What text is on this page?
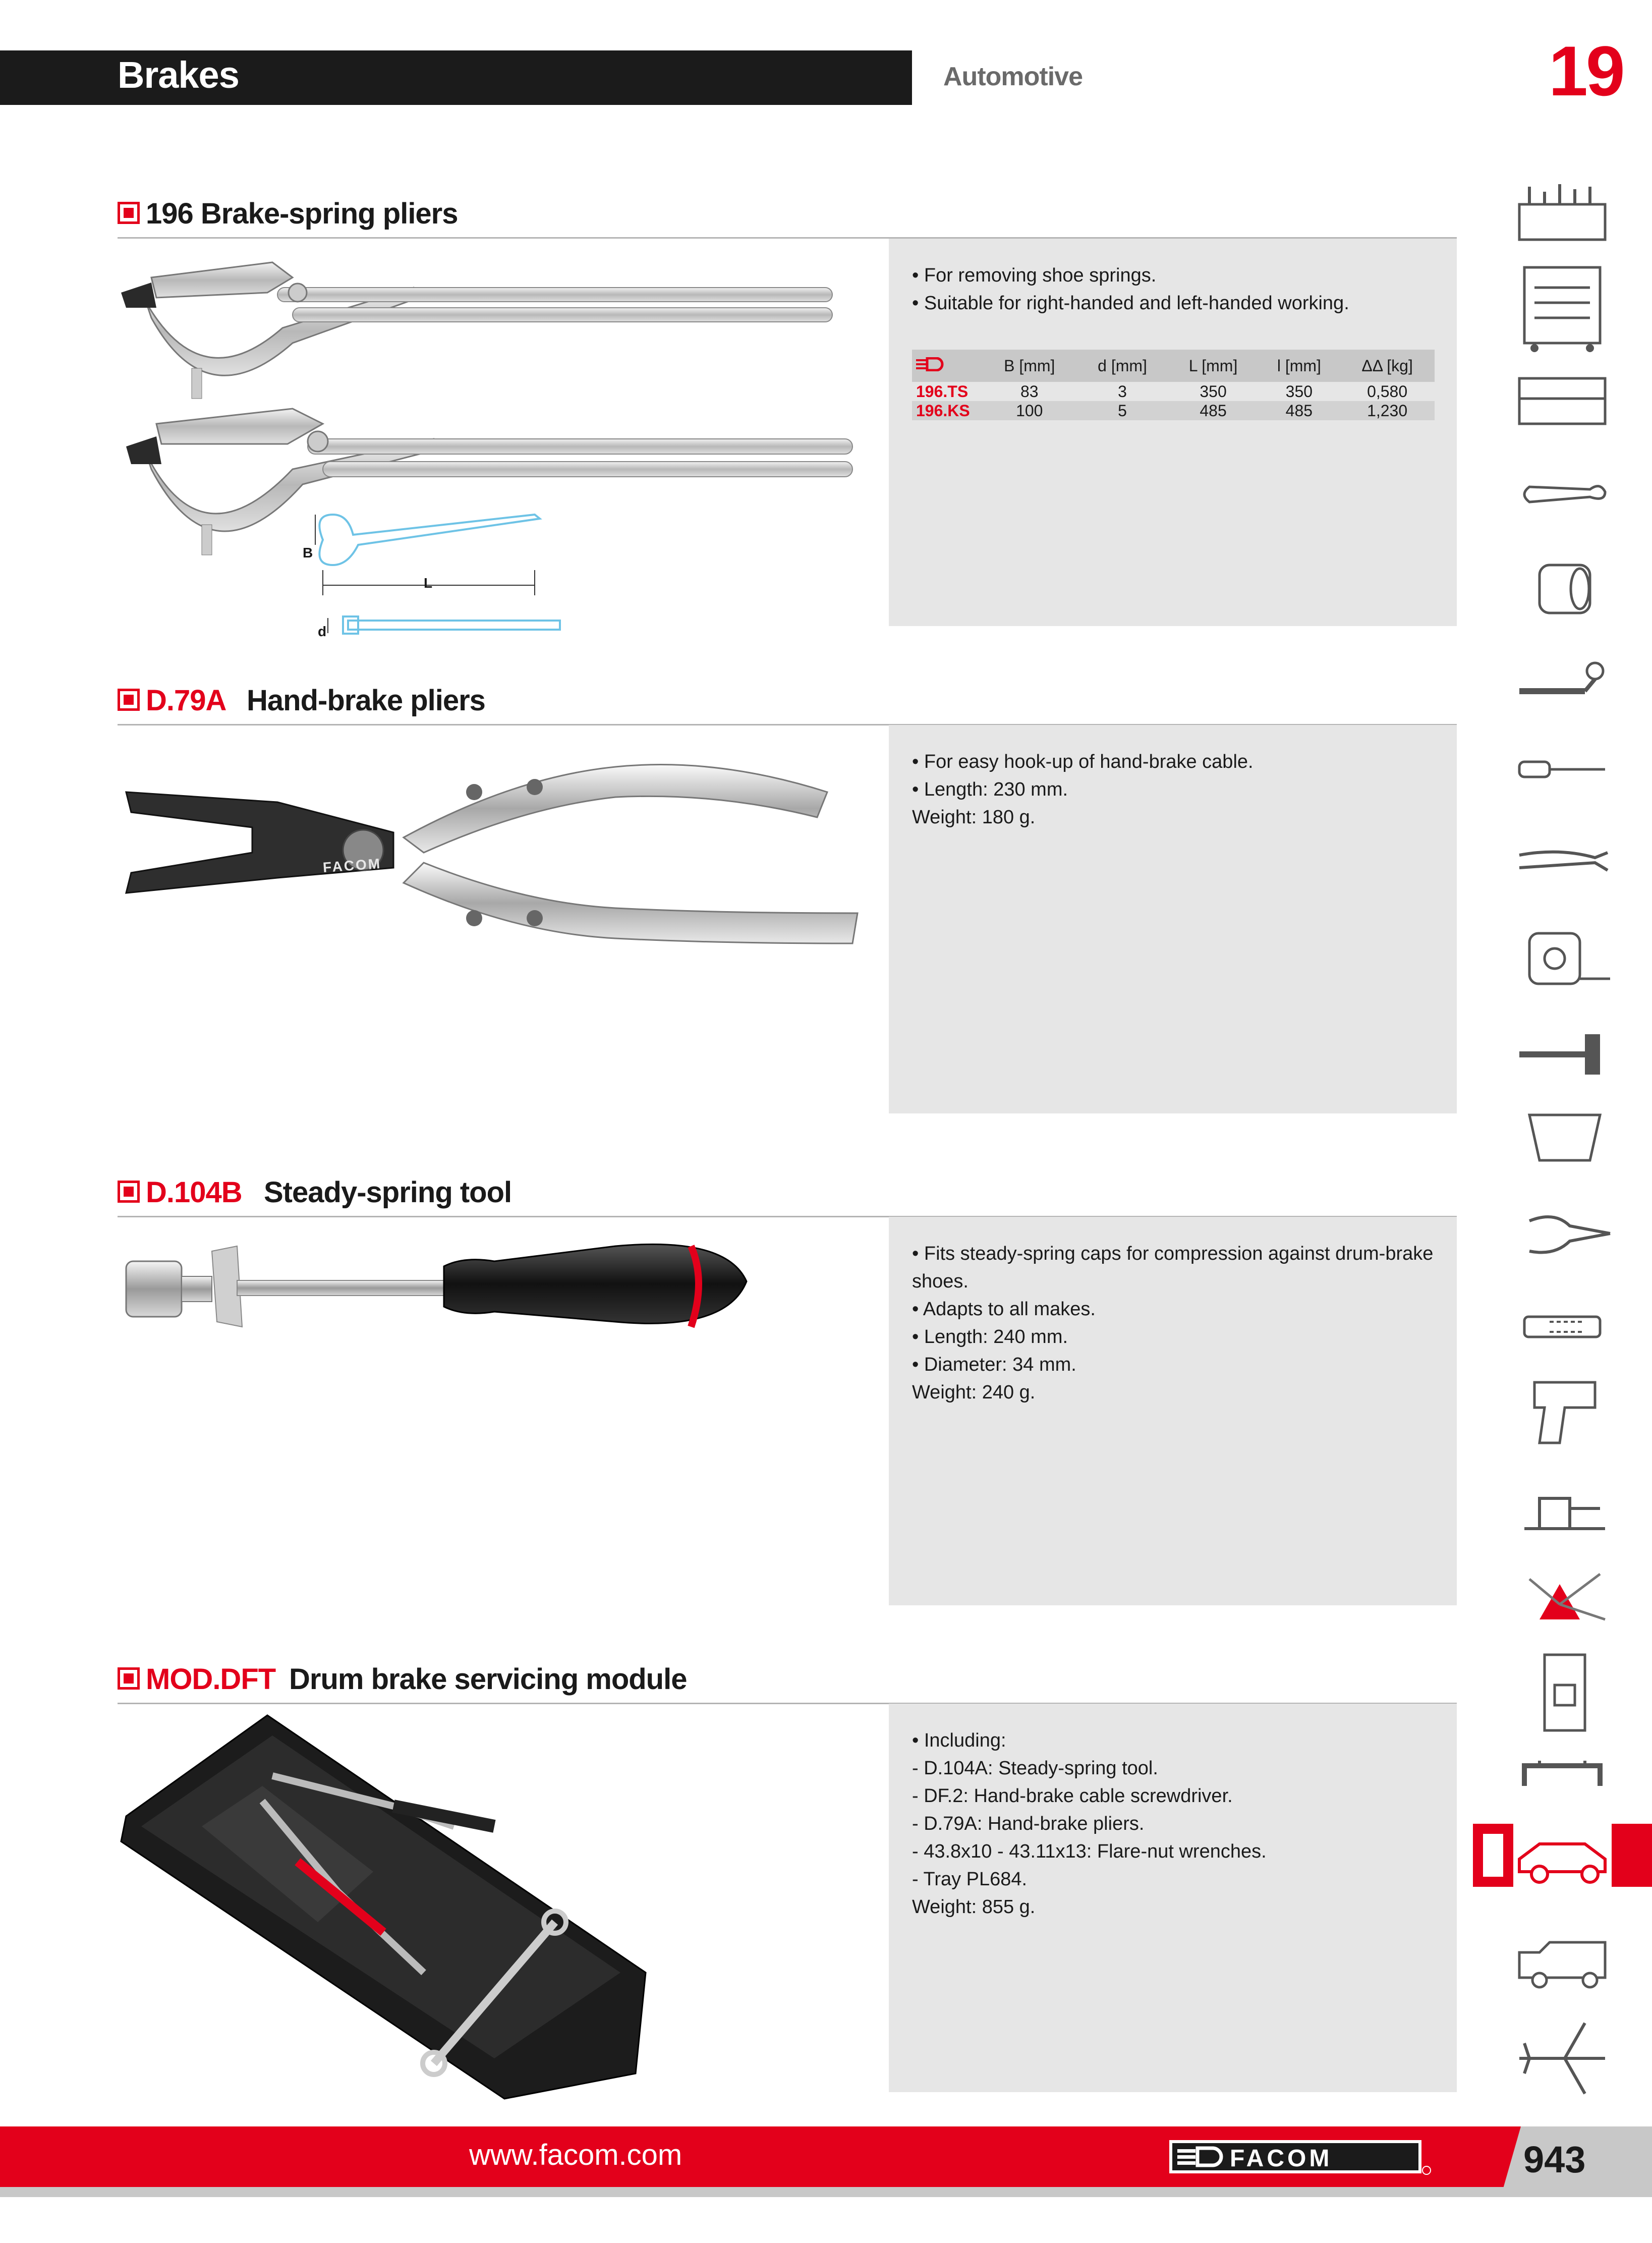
Brakes	Automotive	19
196 Brake-spring pliers
• For removing shoe springs.
• Suitable for right-handed and left-handed working.
	B [mm]	d [mm]	L [mm]	l [mm]	ΔΔ [kg]
196.TS	83	3	350	350	0,580
196.KS	100	5	485	485	1,230
B
L
d
D.79A Hand-brake pliers
• For easy hook-up of hand-brake cable.
• Length: 230 mm.
Weight: 180 g.
FACOM
D.104B Steady-spring tool
• Fits steady-spring caps for compression against drum-brake
shoes.
• Adapts to all makes.
• Length: 240 mm.
• Diameter: 34 mm.
Weight: 240 g.
MOD.DFT Drum brake servicing module
• Including:
- D.104A: Steady-spring tool.
- DF.2: Hand-brake cable screwdriver.
- D.79A: Hand-brake pliers.
- 43.8x10 - 43.11x13: Flare-nut wrenches.
- Tray PL684.
Weight: 855 g.
www.facom.com	FACOM	943
